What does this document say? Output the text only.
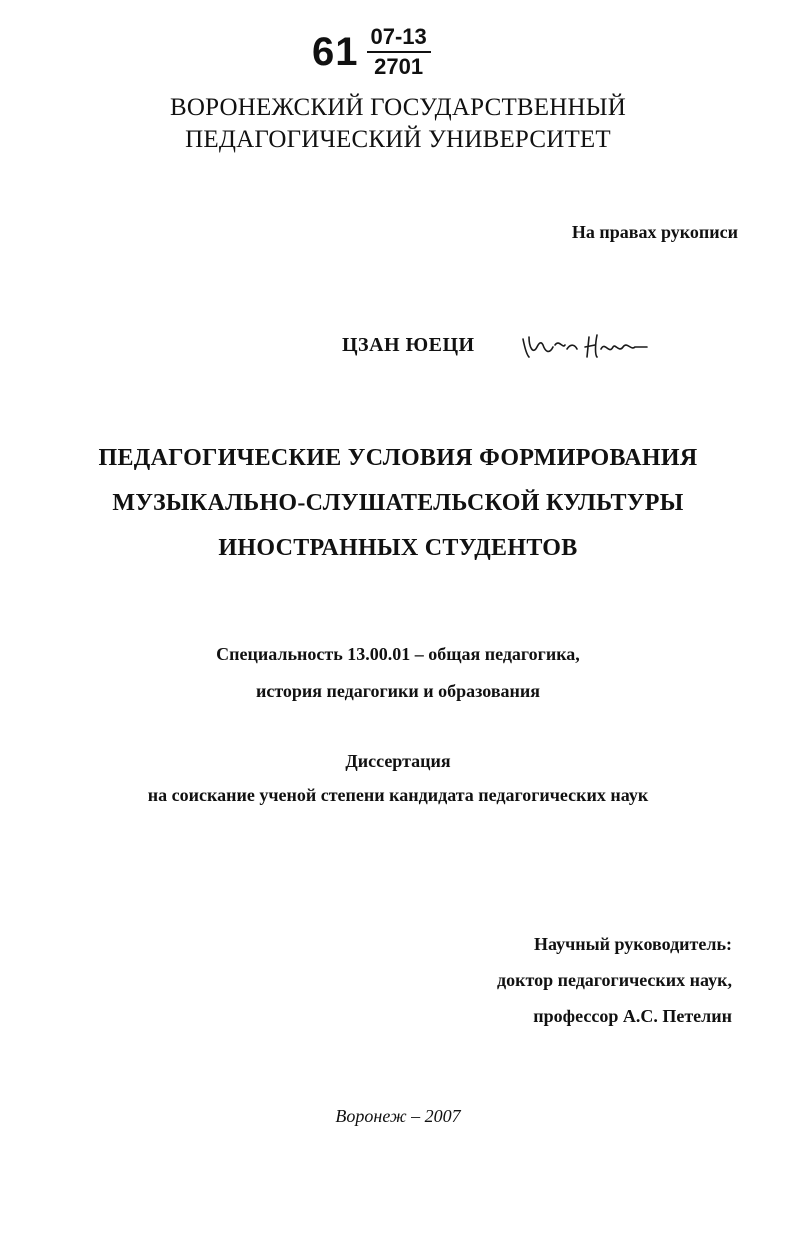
$61 \frac{07-13}{2701}$
ВОРОНЕЖСКИЙ ГОСУДАРСТВЕННЫЙ
ПЕДАГОГИЧЕСКИЙ УНИВЕРСИТЕТ
На правах рукописи
ЦЗАН ЮЕЦИ
ПЕДАГОГИЧЕСКИЕ УСЛОВИЯ ФОРМИРОВАНИЯ
МУЗЫКАЛЬНО-СЛУШАТЕЛЬСКОЙ КУЛЬТУРЫ
ИНОСТРАННЫХ СТУДЕНТОВ
Специальность 13.00.01 – общая педагогика,
история педагогики и образования
Диссертация
на соискание ученой степени кандидата педагогических наук
Научный руководитель:
доктор педагогических наук,
профессор А.С. Петелин
Воронеж – 2007
